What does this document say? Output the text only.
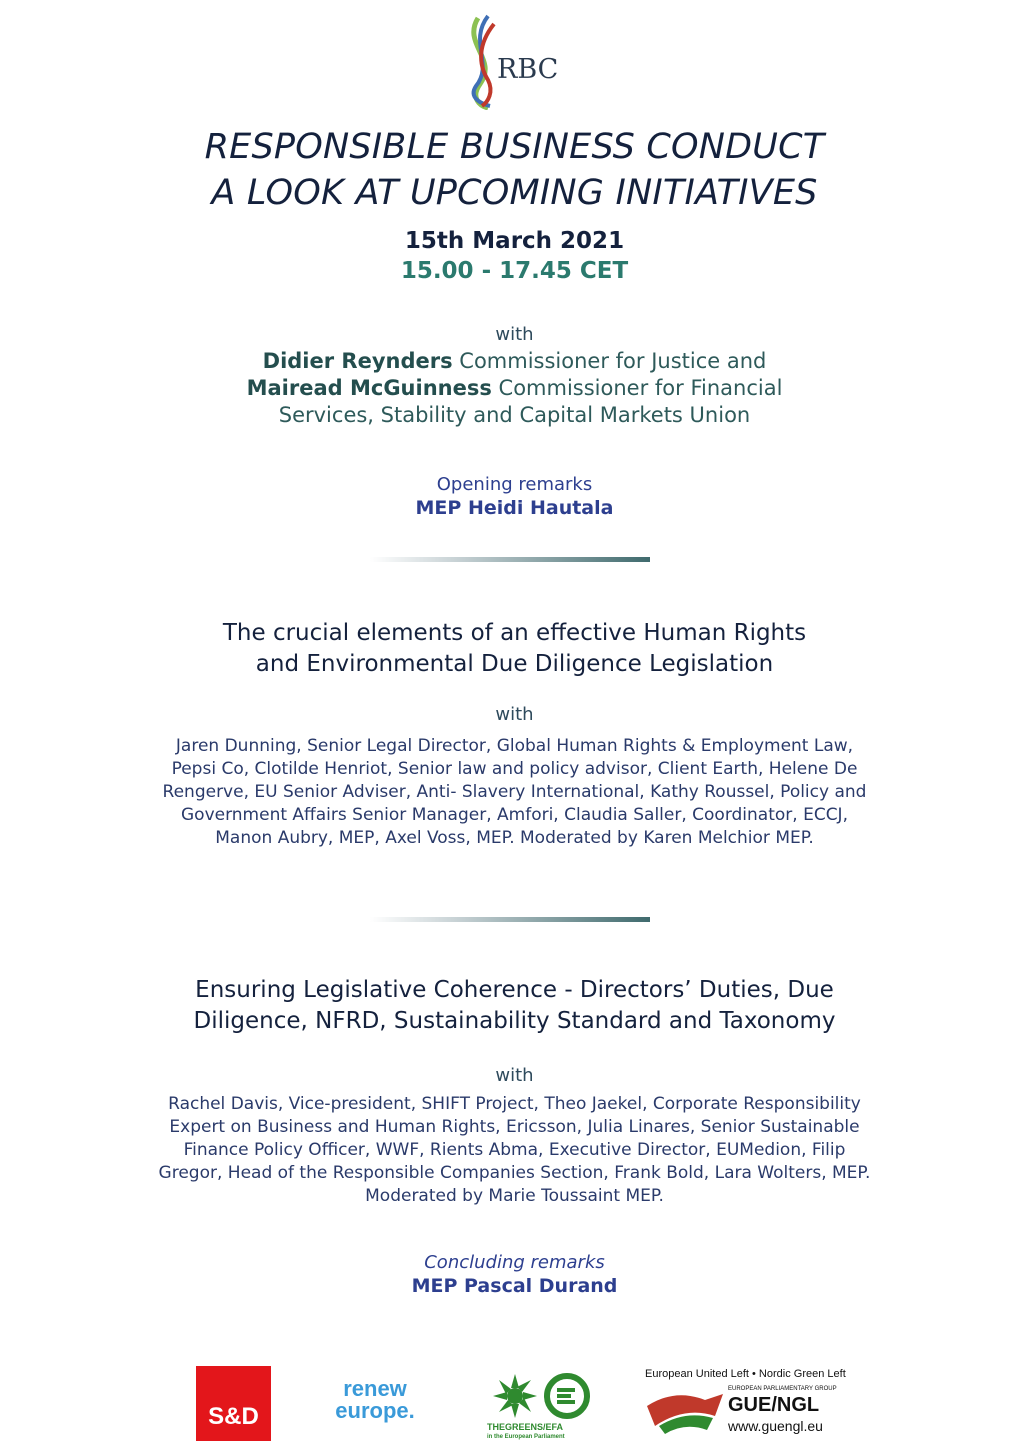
RBC
RESPONSIBLE BUSINESS CONDUCT
A LOOK AT UPCOMING INITIATIVES
15th March 2021
15.00 - 17.45 CET
with
Didier Reynders Commissioner for Justice and
Mairead McGuinness Commissioner for Financial
Services, Stability and Capital Markets Union
Opening remarks
MEP Heidi Hautala
The crucial elements of an effective Human Rights
and Environmental Due Diligence Legislation
with
Jaren Dunning, Senior Legal Director, Global Human Rights & Employment Law,
Pepsi Co, Clotilde Henriot, Senior law and policy advisor, Client Earth, Helene De
Rengerve, EU Senior Adviser, Anti- Slavery International, Kathy Roussel, Policy and
Government Affairs Senior Manager, Amfori, Claudia Saller, Coordinator, ECCJ,
Manon Aubry, MEP, Axel Voss, MEP. Moderated by Karen Melchior MEP.
Ensuring Legislative Coherence - Directors’ Duties, Due
Diligence, NFRD, Sustainability Standard and Taxonomy
with
Rachel Davis, Vice-president, SHIFT Project, Theo Jaekel, Corporate Responsibility
Expert on Business and Human Rights, Ericsson, Julia Linares, Senior Sustainable
Finance Policy Officer, WWF, Rients Abma, Executive Director, EUMedion, Filip
Gregor, Head of the Responsible Companies Section, Frank Bold, Lara Wolters, MEP.
Moderated by Marie Toussaint MEP.
Concluding remarks
MEP Pascal Durand
S&D
renew
europe.
THEGREENS/EFA
in the European Parliament
European United Left • Nordic Green Left
EUROPEAN PARLIAMENTARY GROUP
GUE/NGL
www.guengl.eu
